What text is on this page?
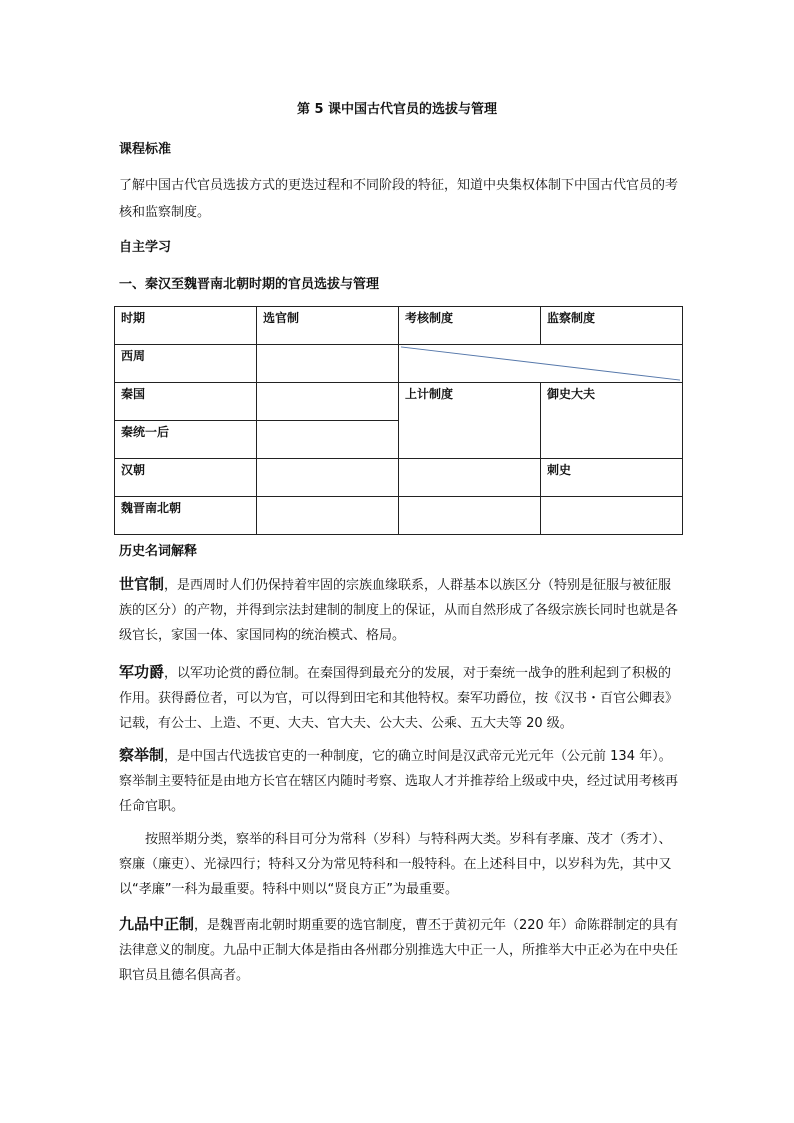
第 5 课中国古代官员的选拔与管理
课程标准

了解中国古代官员选拔方式的更迭过程和不同阶段的特征，知道中央集权体制下中国古代官员的考核和监察制度。

自主学习
一、秦汉至魏晋南北朝时期的官员选拔与管理
时期	选官制	考核制度	监察制度
西周		

秦国		上计制度	御史大夫
秦统一后			
汉朝			刺史
魏晋南北朝			
历史名词解释

世官制，是西周时人们仍保持着牢固的宗族血缘联系，人群基本以族区分（特别是征服与被征服族的区分）的产物，并得到宗法封建制的制度上的保证，从而自然形成了各级宗族长同时也就是各级官长，家国一体、家国同构的统治模式、格局。

军功爵，以军功论赏的爵位制。在秦国得到最充分的发展，对于秦统一战争的胜利起到了积极的作用。获得爵位者，可以为官，可以得到田宅和其他特权。秦军功爵位，按《汉书・百官公卿表》记载，有公士、上造、不更、大夫、官大夫、公大夫、公乘、五大夫等 20 级。

察举制，是中国古代选拔官吏的一种制度，它的确立时间是汉武帝元光元年（公元前 134 年）。察举制主要特征是由地方长官在辖区内随时考察、选取人才并推荐给上级或中央，经过试用考核再任命官职。

按照举期分类，察举的科目可分为常科（岁科）与特科两大类。岁科有孝廉、茂才（秀才）、察廉（廉吏）、光禄四行；特科又分为常见特科和一般特科。在上述科目中，以岁科为先，其中又以“孝廉”一科为最重要。特科中则以“贤良方正”为最重要。

九品中正制，是魏晋南北朝时期重要的选官制度，曹丕于黄初元年（220 年）命陈群制定的具有法律意义的制度。九品中正制大体是指由各州郡分别推选大中正一人，所推举大中正必为在中央任职官员且德名俱高者。
